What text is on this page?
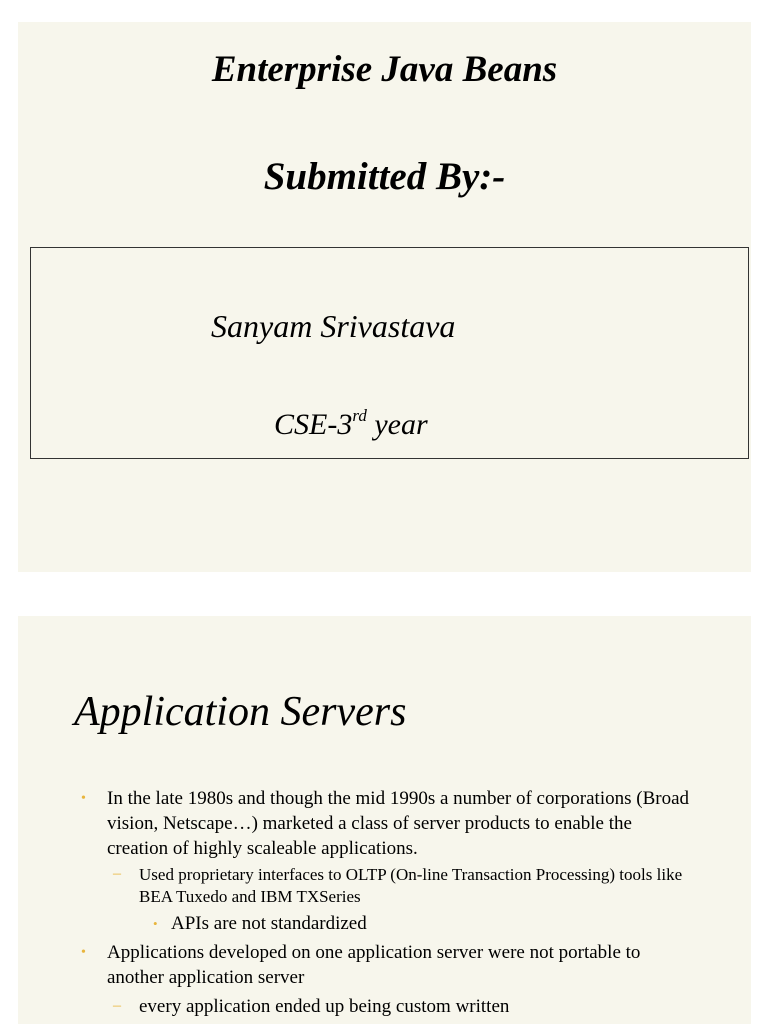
Enterprise Java Beans
Submitted By:-
Sanyam Srivastava
CSE-3rd year
Application Servers
• In the late 1980s and though the mid 1990s a number of corporations (Broad vision, Netscape…) marketed a class of server products to enable the creation of highly scaleable applications.
– Used proprietary interfaces to OLTP (On-line Transaction Processing) tools like BEA Tuxedo and IBM TXSeries
• APIs are not standardized
• Applications developed on one application server were not portable to another application server
– every application ended up being custom written
